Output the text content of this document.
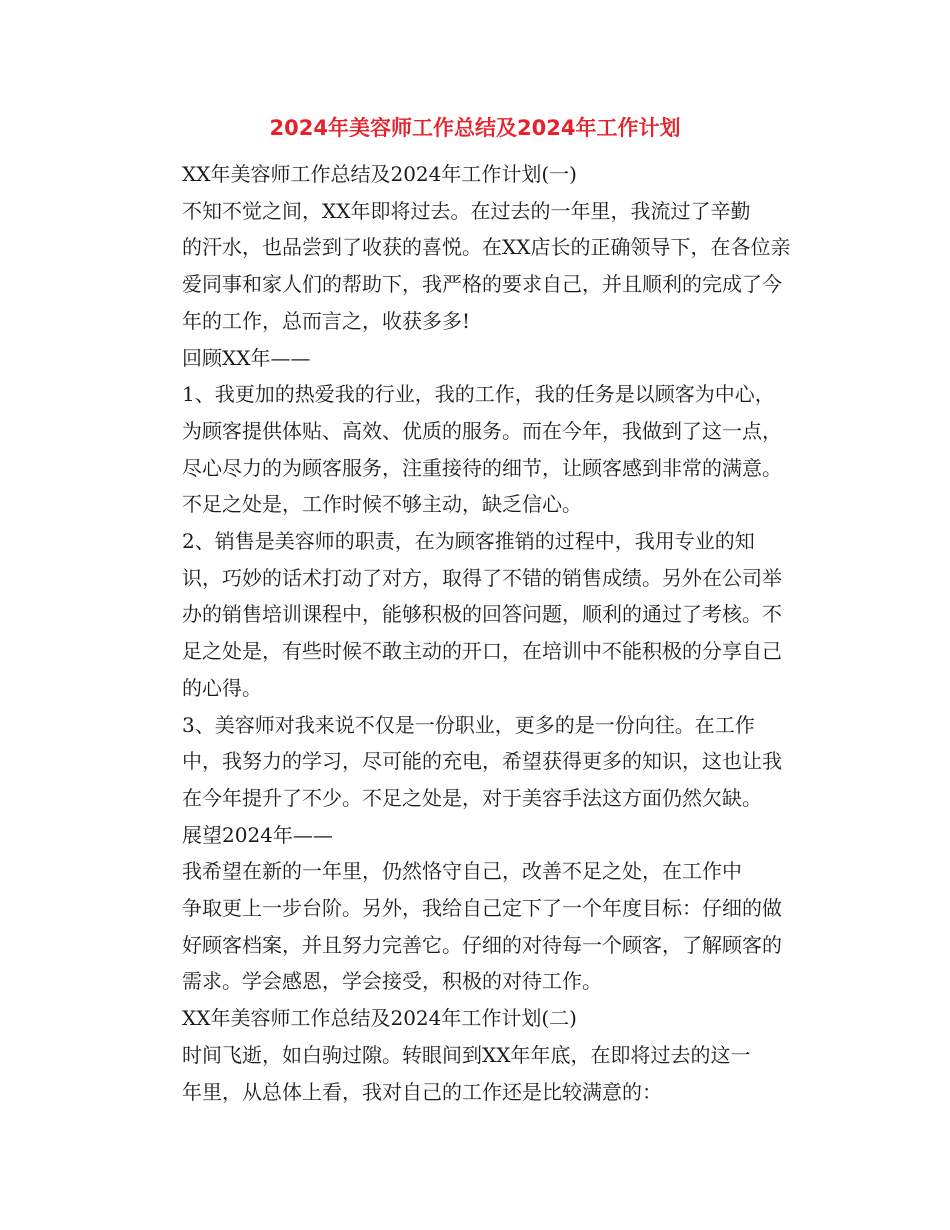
2024年美容师工作总结及2024年工作计划

XX年美容师工作总结及2024年工作计划(一)

不知不觉之间，XX年即将过去。在过去的一年里，我流过了辛勤
的汗水，也品尝到了收获的喜悦。在XX店长的正确领导下，在各位亲
爱同事和家人们的帮助下，我严格的要求自己，并且顺利的完成了今
年的工作，总而言之，收获多多!

回顾XX年——

1、我更加的热爱我的行业，我的工作，我的任务是以顾客为中心，
为顾客提供体贴、高效、优质的服务。而在今年，我做到了这一点，
尽心尽力的为顾客服务，注重接待的细节，让顾客感到非常的满意。
不足之处是，工作时候不够主动，缺乏信心。

2、销售是美容师的职责，在为顾客推销的过程中，我用专业的知
识，巧妙的话术打动了对方，取得了不错的销售成绩。另外在公司举
办的销售培训课程中，能够积极的回答问题，顺利的通过了考核。不
足之处是，有些时候不敢主动的开口，在培训中不能积极的分享自己
的心得。

3、美容师对我来说不仅是一份职业，更多的是一份向往。在工作
中，我努力的学习，尽可能的充电，希望获得更多的知识，这也让我
在今年提升了不少。不足之处是，对于美容手法这方面仍然欠缺。

展望2024年——

我希望在新的一年里，仍然恪守自己，改善不足之处，在工作中
争取更上一步台阶。另外，我给自己定下了一个年度目标：仔细的做
好顾客档案，并且努力完善它。仔细的对待每一个顾客，了解顾客的
需求。学会感恩，学会接受，积极的对待工作。

XX年美容师工作总结及2024年工作计划(二)

时间飞逝，如白驹过隙。转眼间到XX年年底，在即将过去的这一
年里，从总体上看，我对自己的工作还是比较满意的：
